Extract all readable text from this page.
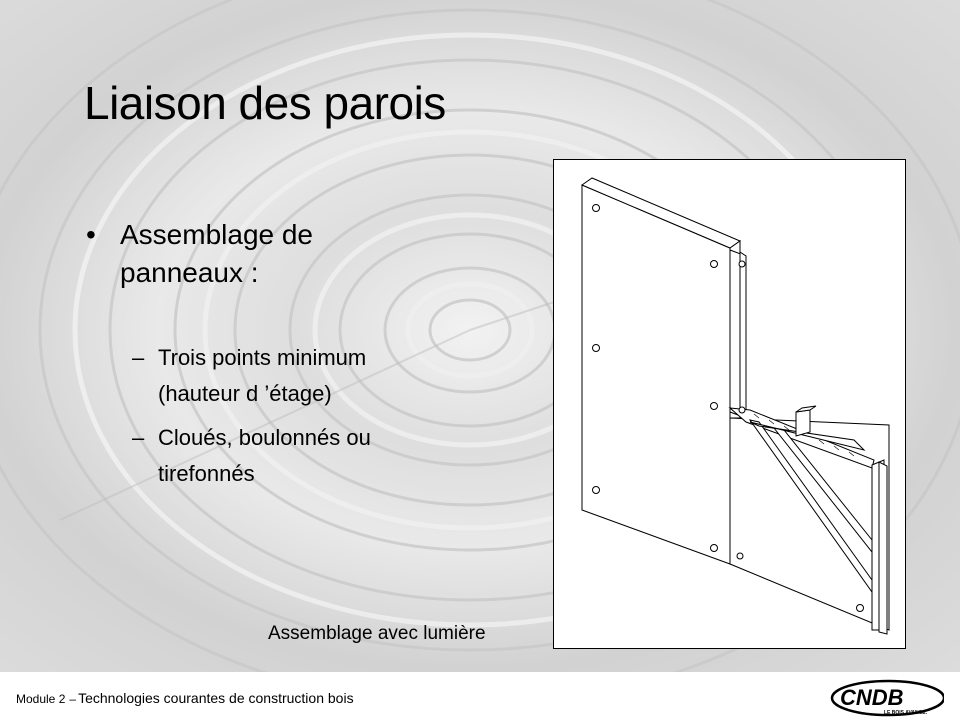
Liaison des parois
• Assemblage de
panneaux :
– Trois points minimum
(hauteur d ’étage)
– Cloués, boulonnés ou
tirefonnés
Assemblage avec lumière
Module 2 – Technologies courantes de construction bois	CNDB
LE BOIS AVANCE.
